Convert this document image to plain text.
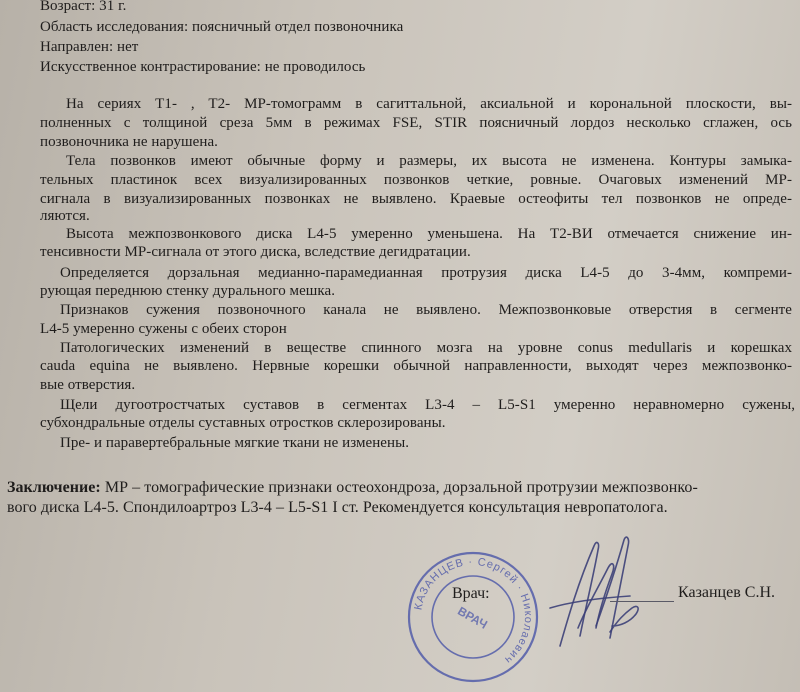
Возраст: 31 г.
Область исследования: поясничный отдел позвоночника
Направлен: нет
Искусственное контрастирование: не проводилось
На сериях T1- , T2- МР-томограмм в сагиттальной, аксиальной и корональной плоскости, вы-
полненных с толщиной среза 5мм в режимах FSE, STIR поясничный лордоз несколько сглажен, ось
позвоночника не нарушена.
Тела позвонков имеют обычные форму и размеры, их высота не изменена. Контуры замыка-
тельных пластинок всех визуализированных позвонков четкие, ровные. Очаговых изменений МР-
сигнала в визуализированных позвонках не выявлено. Краевые остеофиты тел позвонков не опреде-
ляются.
Высота межпозвонкового диска L4-5 умеренно уменьшена. На T2-ВИ отмечается снижение ин-
тенсивности МР-сигнала от этого диска, вследствие дегидратации.
Определяется дорзальная медианно-парамедианная протрузия диска L4-5 до 3-4мм, компреми-
рующая переднюю стенку дурального мешка.
Признаков сужения позвоночного канала не выявлено. Межпозвонковые отверстия в сегменте
L4-5 умеренно сужены с обеих сторон
Патологических изменений в веществе спинного мозга на уровне conus medullaris и корешках
cauda equina не выявлено. Нервные корешки обычной направленности, выходят через межпозвонко-
вые отверстия.
Щели дугоотростчатых суставов в сегментах L3-4 – L5-S1 умеренно неравномерно сужены,
субхондральные отделы суставных отростков склерозированы.
Пре- и паравертебральные мягкие ткани не изменены.
Заключение: МР – томографические признаки остеохондроза, дорзальной протрузии межпозвонко-
вого диска L4-5. Спондилоартроз L3-4 – L5-S1 I ст. Рекомендуется консультация невропатолога.
КАЗАНЦЕВ · Сергей · Николаевич
ВРАЧ
Врач:	Казанцев С.Н.
